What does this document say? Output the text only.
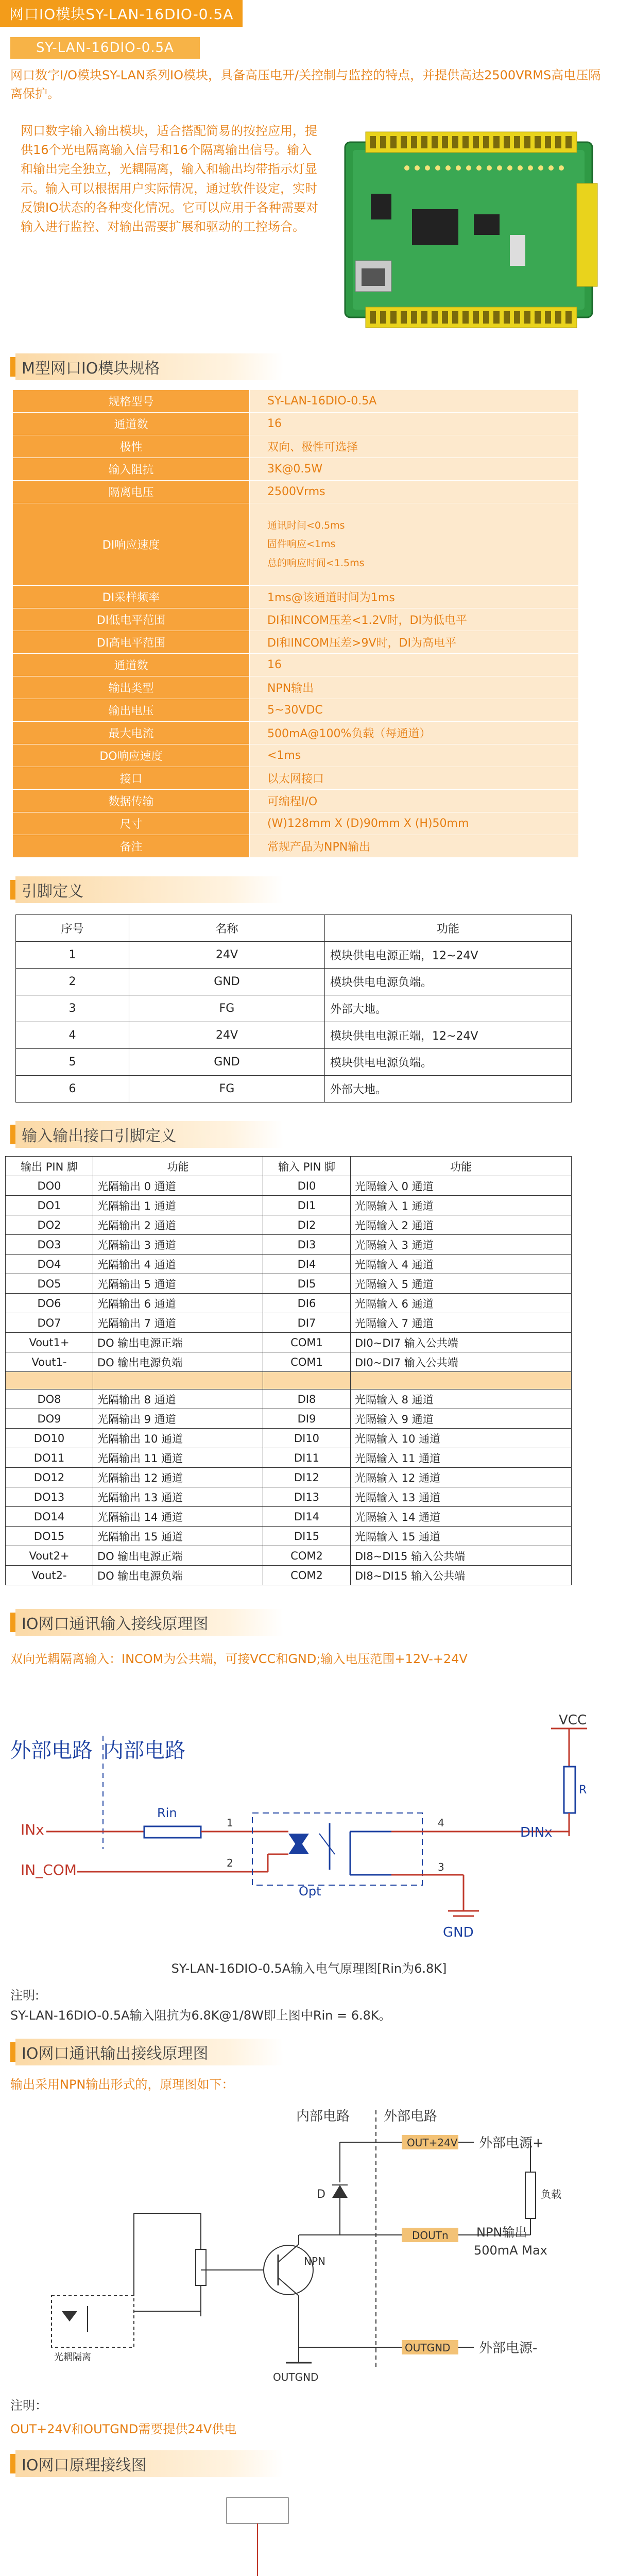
网口IO模块SY-LAN-16DIO-0.5A
SY-LAN-16DIO-0.5A
网口数字I/O模块SY-LAN系列IO模块，具备高压电开/关控制与监控的特点，并提供高达2500VRMS高电压隔离保护。
网口数字输入输出模块，适合搭配简易的按控应用，提供16个光电隔离输入信号和16个隔离输出信号。输入和输出完全独立，光耦隔离，输入和输出均带指示灯显示。输入可以根据用户实际情况，通过软件设定，实时反馈IO状态的各种变化情况。它可以应用于各种需要对输入进行监控、对输出需要扩展和驱动的工控场合。
M型网口IO模块规格
规格型号	SY-LAN-16DIO-0.5A
通道数	16
极性	双向、极性可选择
输入阻抗	3K@0.5W
隔离电压	2500Vrms
DI响应速度	通讯时间<0.5ms
固件响应<1ms
总的响应时间<1.5ms

DI采样频率	1ms@该通道时间为1ms
DI低电平范围	DI和INCOM压差<1.2V时，DI为低电平
DI高电平范围	DI和INCOM压差>9V时，DI为高电平
通道数	16
输出类型	NPN输出
输出电压	5~30VDC
最大电流	500mA@100%负载（每通道）
DO响应速度	<1ms
接口	以太网接口
数据传输	可编程I/O
尺寸	(W)128mm X (D)90mm X (H)50mm
备注	常规产品为NPN输出
引脚定义
序号	名称	功能
1	24V	模块供电电源正端，12~24V
2	GND	模块供电电源负端。
3	FG	外部大地。
4	24V	模块供电电源正端，12~24V
5	GND	模块供电电源负端。
6	FG	外部大地。
输入输出接口引脚定义
输出 PIN 脚	功能	输入 PIN 脚	功能
DO0	光隔输出 0 通道	DI0	光隔输入 0 通道
DO1	光隔输出 1 通道	DI1	光隔输入 1 通道
DO2	光隔输出 2 通道	DI2	光隔输入 2 通道
DO3	光隔输出 3 通道	DI3	光隔输入 3 通道
DO4	光隔输出 4 通道	DI4	光隔输入 4 通道
DO5	光隔输出 5 通道	DI5	光隔输入 5 通道
DO6	光隔输出 6 通道	DI6	光隔输入 6 通道
DO7	光隔输出 7 通道	DI7	光隔输入 7 通道
Vout1+	DO 输出电源正端	COM1	DI0~DI7 输入公共端
Vout1-	DO 输出电源负端	COM1	DI0~DI7 输入公共端

DO8	光隔输出 8 通道	DI8	光隔输入 8 通道
DO9	光隔输出 9 通道	DI9	光隔输入 9 通道
DO10	光隔输出 10 通道	DI10	光隔输入 10 通道
DO11	光隔输出 11 通道	DI11	光隔输入 11 通道
DO12	光隔输出 12 通道	DI12	光隔输入 12 通道
DO13	光隔输出 13 通道	DI13	光隔输入 13 通道
DO14	光隔输出 14 通道	DI14	光隔输入 14 通道
DO15	光隔输出 15 通道	DI15	光隔输入 15 通道
Vout2+	DO 输出电源正端	COM2	DI8~DI15 输入公共端
Vout2-	DO 输出电源负端	COM2	DI8~DI15 输入公共端
IO网口通讯输入接线原理图
双向光耦隔离输入：INCOM为公共端，可接VCC和GND;输入电压范围+12V-+24V
外部电路 内部电路
VCC
R
INx
Rin
1
IN_COM	2
Opt
4
DINx
3
GND
SY-LAN-16DIO-0.5A输入电气原理图[Rin为6.8K]
注明:
SY-LAN-16DIO-0.5A输入阻抗为6.8K@1/8W即上图中Rin = 6.8K。
IO网口通讯输出接线原理图
输出采用NPN输出形式的，原理图如下：
内部电路	外部电路
OUT+24V 外部电源+
D	负载
DOUTn NPN输出
500mA Max
NPN
OUTGND 外部电源-
OUTGND
光耦隔离
注明：
OUT+24V和OUTGND需要提供24V供电
IO网口原理接线图
